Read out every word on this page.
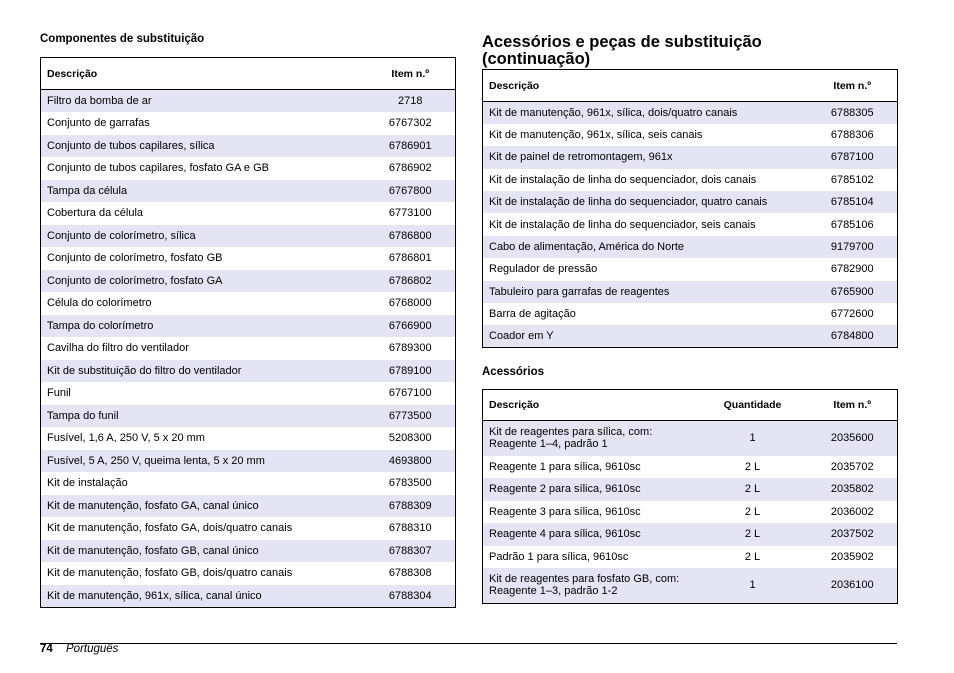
Componentes de substituição
Descrição	Item n.º
Filtro da bomba de ar	2718
Conjunto de garrafas	6767302
Conjunto de tubos capilares, sílica	6786901
Conjunto de tubos capilares, fosfato GA e GB	6786902
Tampa da célula	6767800
Cobertura da célula	6773100
Conjunto de colorímetro, sílica	6786800
Conjunto de colorímetro, fosfato GB	6786801
Conjunto de colorímetro, fosfato GA	6786802
Célula do colorímetro	6768000
Tampa do colorímetro	6766900
Cavilha do filtro do ventilador	6789300
Kit de substituição do filtro do ventilador	6789100
Funil	6767100
Tampa do funil	6773500
Fusível, 1,6 A, 250 V, 5 x 20 mm	5208300
Fusível, 5 A, 250 V, queima lenta, 5 x 20 mm	4693800
Kit de instalação	6783500
Kit de manutenção, fosfato GA, canal único	6788309
Kit de manutenção, fosfato GA, dois/quatro canais	6788310
Kit de manutenção, fosfato GB, canal único	6788307
Kit de manutenção, fosfato GB, dois/quatro canais	6788308
Kit de manutenção, 961x, sílica, canal único	6788304
Acessórios e peças de substituição
(continuação)
Descrição	Item n.º
Kit de manutenção, 961x, sílica, dois/quatro canais	6788305
Kit de manutenção, 961x, sílica, seis canais	6788306
Kit de painel de retromontagem, 961x	6787100
Kit de instalação de linha do sequenciador, dois canais	6785102
Kit de instalação de linha do sequenciador, quatro canais	6785104
Kit de instalação de linha do sequenciador, seis canais	6785106
Cabo de alimentação, América do Norte	9179700
Regulador de pressão	6782900
Tabuleiro para garrafas de reagentes	6765900
Barra de agitação	6772600
Coador em Y	6784800
Acessórios
Descrição	Quantidade	Item n.º

Kit de reagentes para sílica, com:
Reagente 1–4, padrão 1	1	2035600

Reagente 1 para sílica, 9610sc	2 L	2035702

Reagente 2 para sílica, 9610sc	2 L	2035802

Reagente 3 para sílica, 9610sc	2 L	2036002

Reagente 4 para sílica, 9610sc	2 L	2037502

Padrão 1 para sílica, 9610sc	2 L	2035902

Kit de reagentes para fosfato GB, com:
Reagente 1–3, padrão 1-2	1	2036100
74 Português
